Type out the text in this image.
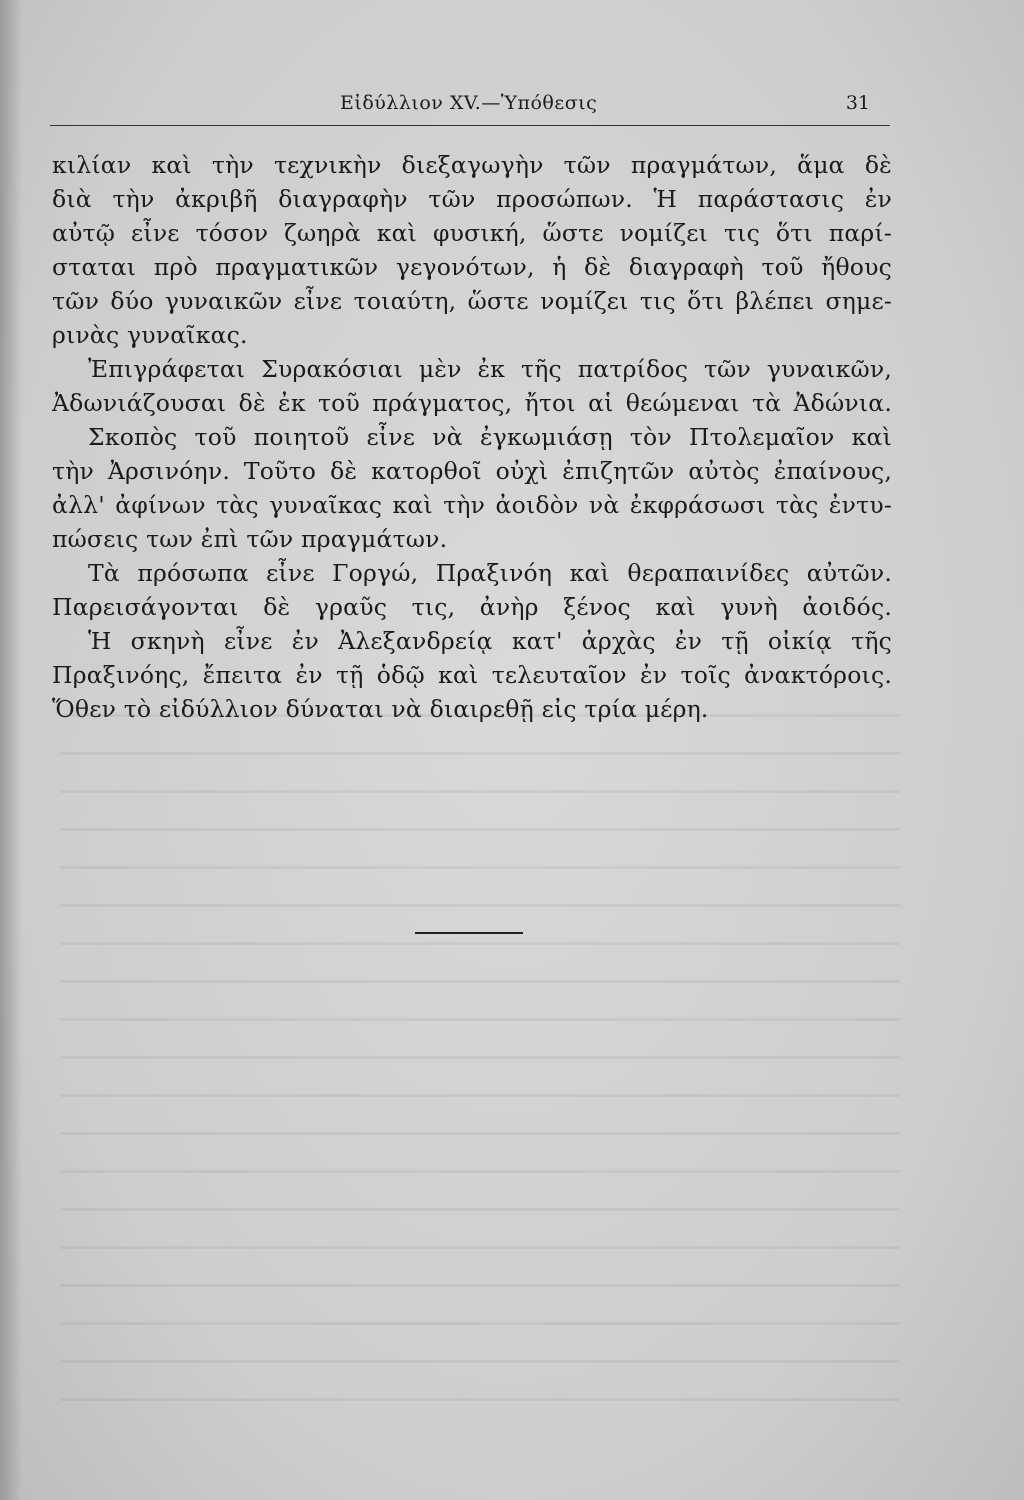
Εἰδύλλιον XV.—Ὑπόθεσις	31
κιλίαν καὶ τὴν τεχνικὴν διεξαγωγὴν τῶν πραγμάτων, ἅμα δὲ
διὰ τὴν ἀκριβῆ διαγραφὴν τῶν προσώπων. Ἡ παράστασις ἐν
αὐτῷ εἶνε τόσον ζωηρὰ καὶ φυσική, ὥστε νομίζει τις ὅτι παρί-
σταται πρὸ πραγματικῶν γεγονότων, ἡ δὲ διαγραφὴ τοῦ ἤθους
τῶν δύο γυναικῶν εἶνε τοιαύτη, ὥστε νομίζει τις ὅτι βλέπει σημε-
ρινὰς γυναῖκας.
Ἐπιγράφεται Συρακόσιαι μὲν ἐκ τῆς πατρίδος τῶν γυναικῶν,
Ἀδωνιάζουσαι δὲ ἐκ τοῦ πράγματος, ἤτοι αἱ θεώμεναι τὰ Ἀδώνια.
Σκοπὸς τοῦ ποιητοῦ εἶνε νὰ ἐγκωμιάσῃ τὸν Πτολεμαῖον καὶ
τὴν Ἀρσινόην. Τοῦτο δὲ κατορθοῖ οὐχὶ ἐπιζητῶν αὐτὸς ἐπαίνους,
ἀλλ' ἀφίνων τὰς γυναῖκας καὶ τὴν ἀοιδὸν νὰ ἐκφράσωσι τὰς ἐντυ-
πώσεις των ἐπὶ τῶν πραγμάτων.
Τὰ πρόσωπα εἶνε Γοργώ, Πραξινόη καὶ θεραπαινίδες αὐτῶν.
Παρεισάγονται δὲ γραῦς τις, ἀνὴρ ξένος καὶ γυνὴ ἀοιδός.
Ἡ σκηνὴ εἶνε ἐν Ἀλεξανδρείᾳ κατ' ἀρχὰς ἐν τῇ οἰκίᾳ τῆς
Πραξινόης, ἔπειτα ἐν τῇ ὁδῷ καὶ τελευταῖον ἐν τοῖς ἀνακτόροις.
Ὅθεν τὸ εἰδύλλιον δύναται νὰ διαιρεθῇ εἰς τρία μέρη.
